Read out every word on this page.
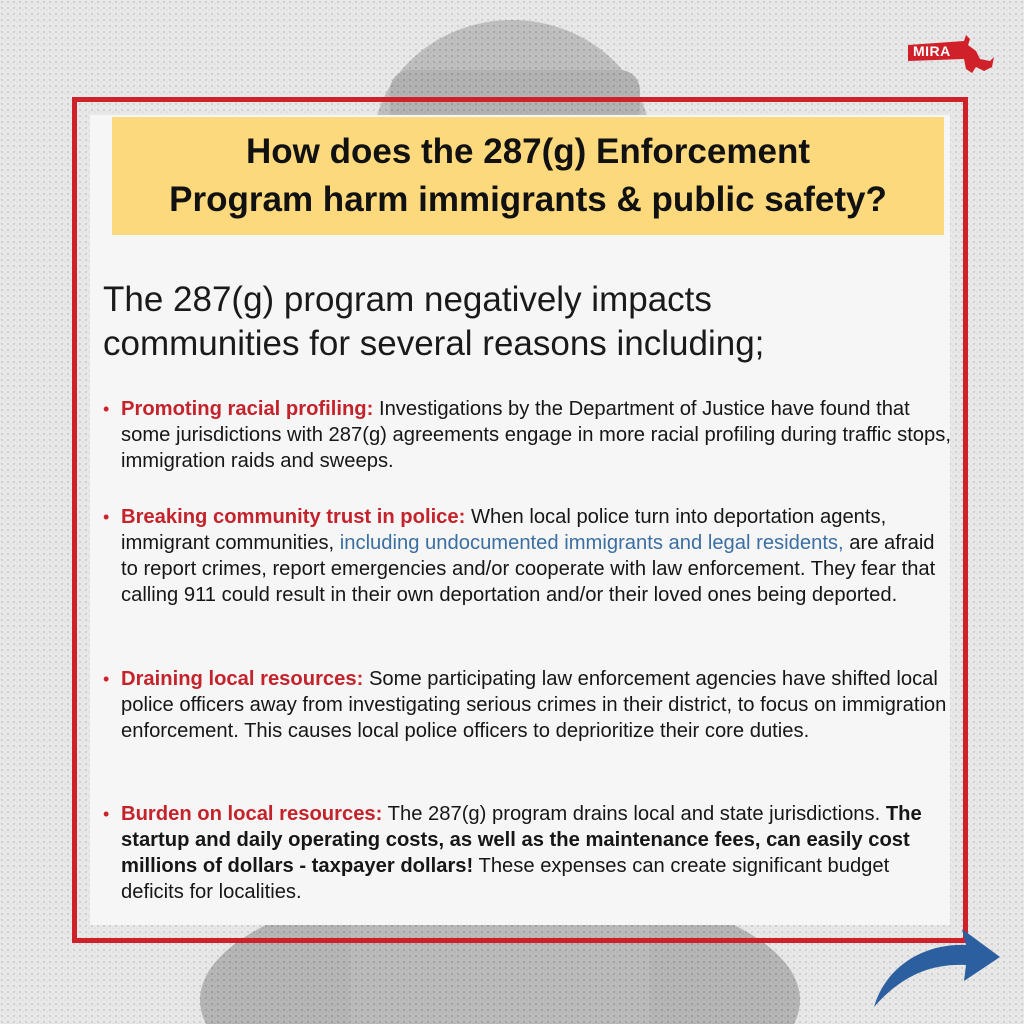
How does the 287(g) Enforcement
Program harm immigrants & public safety?

The 287(g) program negatively impacts
communities for several reasons including;

• Promoting racial profiling: Investigations by the Department of Justice have found that some jurisdictions with 287(g) agreements engage in more racial profiling during traffic stops, immigration raids and sweeps.
• Breaking community trust in police: When local police turn into deportation agents, immigrant communities, including undocumented immigrants and legal residents, are afraid to report crimes, report emergencies and/or cooperate with law enforcement. They fear that calling 911 could result in their own deportation and/or their loved ones being deported.
• Draining local resources: Some participating law enforcement agencies have shifted local police officers away from investigating serious crimes in their district, to focus on immigration enforcement. This causes local police officers to deprioritize their core duties.
• Burden on local resources: The 287(g) program drains local and state jurisdictions. The startup and daily operating costs, as well as the maintenance fees, can easily cost millions of dollars - taxpayer dollars! These expenses can create significant budget deficits for localities.
MIRA
